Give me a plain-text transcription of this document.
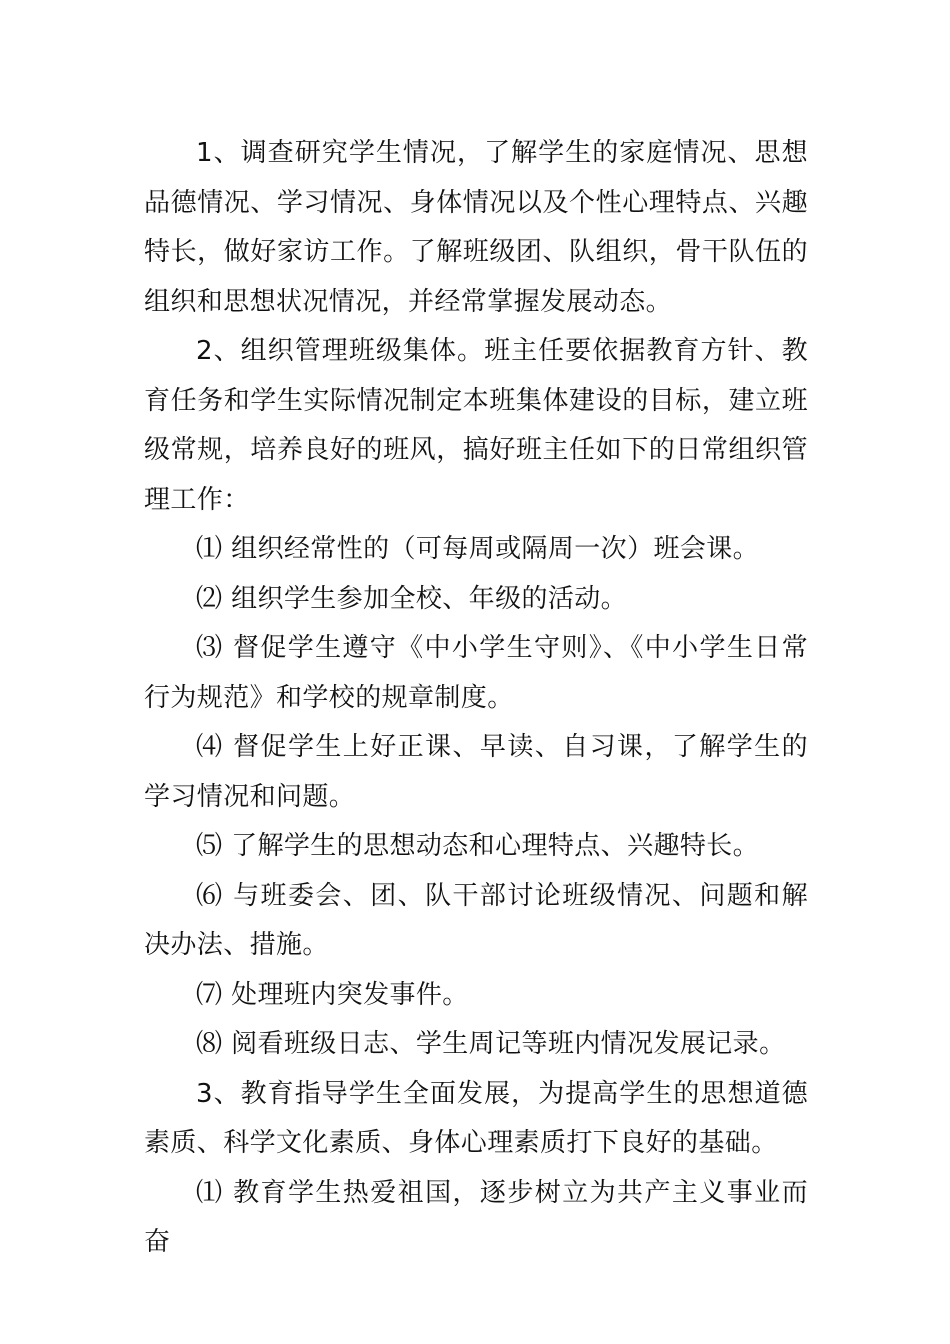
1、调查研究学生情况，了解学生的家庭情况、思想品德情况、学习情况、身体情况以及个性心理特点、兴趣特长，做好家访工作。了解班级团、队组织，骨干队伍的组织和思想状况情况，并经常掌握发展动态。

2、组织管理班级集体。班主任要依据教育方针、教育任务和学生实际情况制定本班集体建设的目标，建立班级常规，培养良好的班风，搞好班主任如下的日常组织管理工作：

⑴ 组织经常性的（可每周或隔周一次）班会课。

⑵ 组织学生参加全校、年级的活动。

⑶ 督促学生遵守《中小学生守则》、《中小学生日常行为规范》和学校的规章制度。

⑷ 督促学生上好正课、早读、自习课，了解学生的学习情况和问题。

⑸ 了解学生的思想动态和心理特点、兴趣特长。

⑹ 与班委会、团、队干部讨论班级情况、问题和解决办法、措施。

⑺ 处理班内突发事件。

⑻ 阅看班级日志、学生周记等班内情况发展记录。

3、教育指导学生全面发展，为提高学生的思想道德素质、科学文化素质、身体心理素质打下良好的基础。

⑴ 教育学生热爱祖国，逐步树立为共产主义事业而奋
